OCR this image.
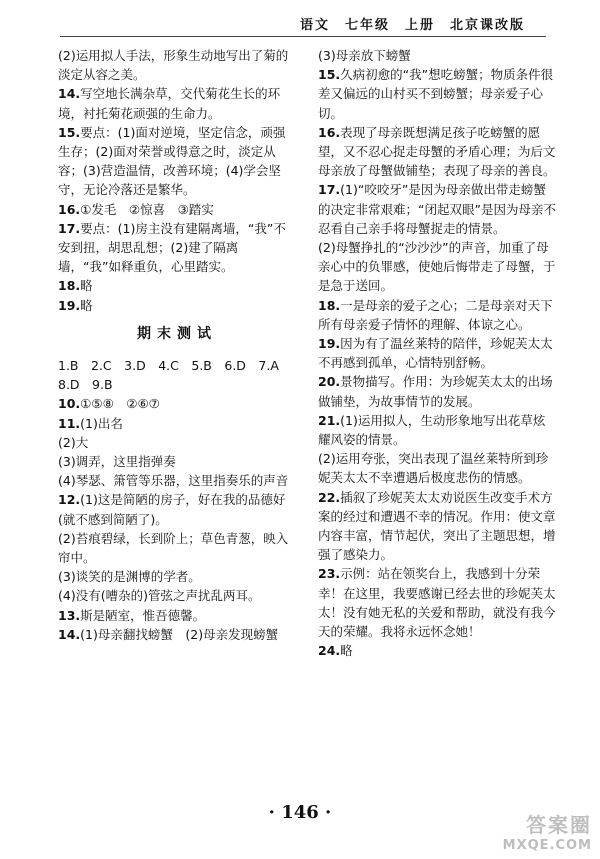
语文　七年级　上册　北京课改版
(2)运用拟人手法，形象生动地写出了菊的淡定从容之美。
14.写空地长满杂草，交代菊花生长的环境，衬托菊花顽强的生命力。
15.要点：(1)面对逆境，坚定信念，顽强生存；(2)面对荣誉或得意之时，淡定从容；(3)营造温情，改善环境；(4)学会坚守，无论冷落还是繁华。
16.①发毛　②惊喜　③踏实
17.要点：(1)房主没有建隔离墙，“我”不安到扭，胡思乱想；(2)建了隔离墙，“我”如释重负，心里踏实。
18.略
19.略
期末测试
1.B　2.C　3.D　4.C　5.B　6.D　7.A
8.D　9.B
10.①⑤⑧　②⑥⑦
11.(1)出名
(2)大
(3)调弄，这里指弹奏
(4)琴瑟、箫管等乐器，这里指奏乐的声音
12.(1)这是简陋的房子，好在我的品德好(就不感到简陋了)。
(2)苔痕碧绿，长到阶上；草色青葱，映入帘中。
(3)谈笑的是渊博的学者。
(4)没有(嘈杂的)管弦之声扰乱两耳。
13.斯是陋室，惟吾德馨。
14.(1)母亲翻找螃蟹　(2)母亲发现螃蟹
(3)母亲放下螃蟹
15.久病初愈的“我”想吃螃蟹；物质条件很差又偏远的山村买不到螃蟹；母亲爱子心切。
16.表现了母亲既想满足孩子吃螃蟹的愿望，又不忍心捉走母蟹的矛盾心理；为后文母亲放了母蟹做铺垫；表现了母亲的善良。
17.(1)“咬咬牙”是因为母亲做出带走螃蟹的决定非常艰难；“闭起双眼”是因为母亲不忍看自己亲手将母蟹捉走的情景。
(2)母蟹挣扎的“沙沙沙”的声音，加重了母亲心中的负罪感，使她后悔带走了母蟹，于是急于送回。
18.一是母亲的爱子之心；二是母亲对天下所有母亲爱子情怀的理解、体谅之心。
19.因为有了温丝莱特的陪伴，珍妮芙太太不再感到孤单，心情特别舒畅。
20.景物描写。作用：为珍妮芙太太的出场做铺垫，为故事情节的发展。
21.(1)运用拟人，生动形象地写出花草炫耀风姿的情景。
(2)运用夸张，突出表现了温丝莱特所到珍妮芙太太不幸遭遇后极度悲伤的情感。
22.插叙了珍妮芙太太劝说医生改变手术方案的经过和遭遇不幸的情况。作用：使文章内容丰富，情节起伏，突出了主题思想，增强了感染力。
23.示例：站在领奖台上，我感到十分荣幸！在这里，我要感谢已经去世的珍妮芙太太！没有她无私的关爱和帮助，就没有我今天的荣耀。我将永远怀念她！
24.略
· 146 ·
答案圈
MXQE.COM
